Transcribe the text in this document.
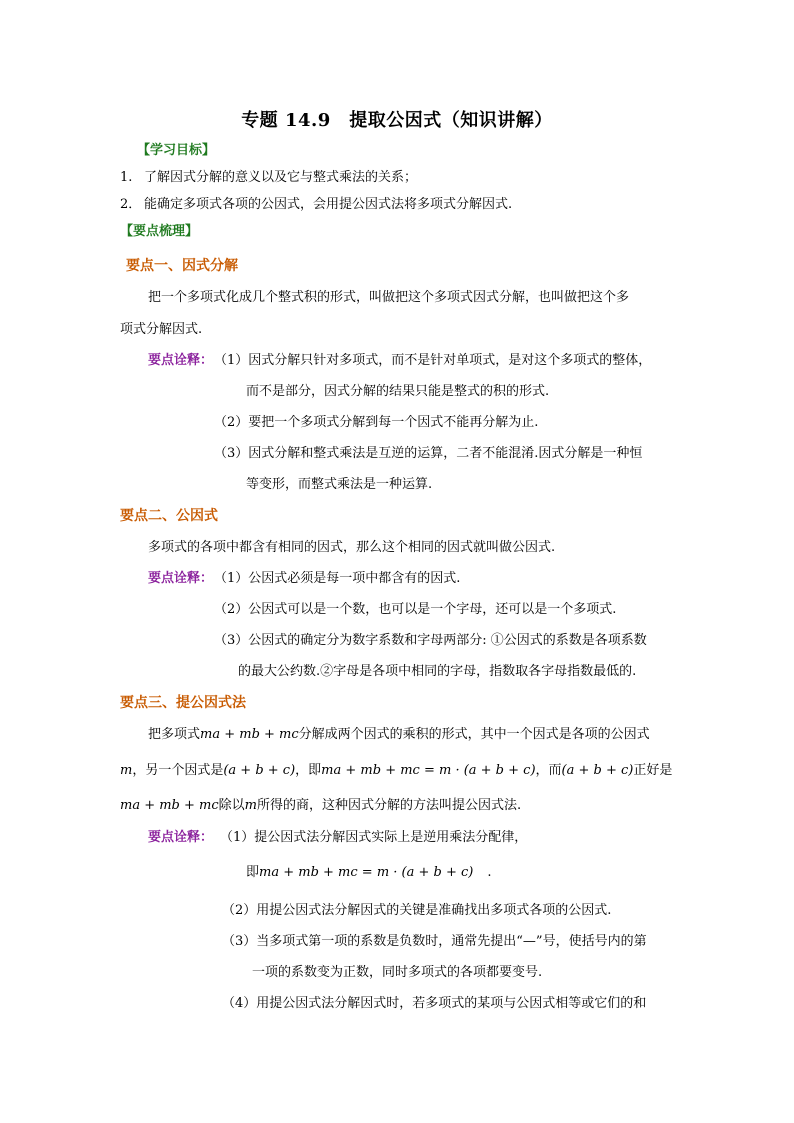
专题 14.9　提取公因式（知识讲解）
【学习目标】
1. 了解因式分解的意义以及它与整式乘法的关系；
2． 能确定多项式各项的公因式，会用提公因式法将多项式分解因式.
【要点梳理】
要点一、因式分解
把一个多项式化成几个整式积的形式，叫做把这个多项式因式分解，也叫做把这个多
项式分解因式.
要点诠释： （1）因式分解只针对多项式，而不是针对单项式，是对这个多项式的整体，
而不是部分，因式分解的结果只能是整式的积的形式.
（2）要把一个多项式分解到每一个因式不能再分解为止.
（3）因式分解和整式乘法是互逆的运算，二者不能混淆.因式分解是一种恒
等变形，而整式乘法是一种运算.
要点二、公因式
多项式的各项中都含有相同的因式，那么这个相同的因式就叫做公因式.
要点诠释： （1）公因式必须是每一项中都含有的因式.
（2）公因式可以是一个数，也可以是一个字母，还可以是一个多项式.
（3）公因式的确定分为数字系数和字母两部分: ①公因式的系数是各项系数
的最大公约数.②字母是各项中相同的字母，指数取各字母指数最低的.
要点三、提公因式法
把多项式ma + mb + mc分解成两个因式的乘积的形式，其中一个因式是各项的公因式
m，另一个因式是(a + b + c)，即ma + mb + mc = m · (a + b + c)，而(a + b + c)正好是
ma + mb + mc除以m所得的商，这种因式分解的方法叫提公因式法.
要点诠释： （1）提公因式法分解因式实际上是逆用乘法分配律，
即ma + mb + mc = m · (a + b + c) .
（2）用提公因式法分解因式的关键是准确找出多项式各项的公因式.
（3）当多项式第一项的系数是负数时，通常先提出“—”号，使括号内的第
一项的系数变为正数，同时多项式的各项都要变号.
（4）用提公因式法分解因式时，若多项式的某项与公因式相等或它们的和
